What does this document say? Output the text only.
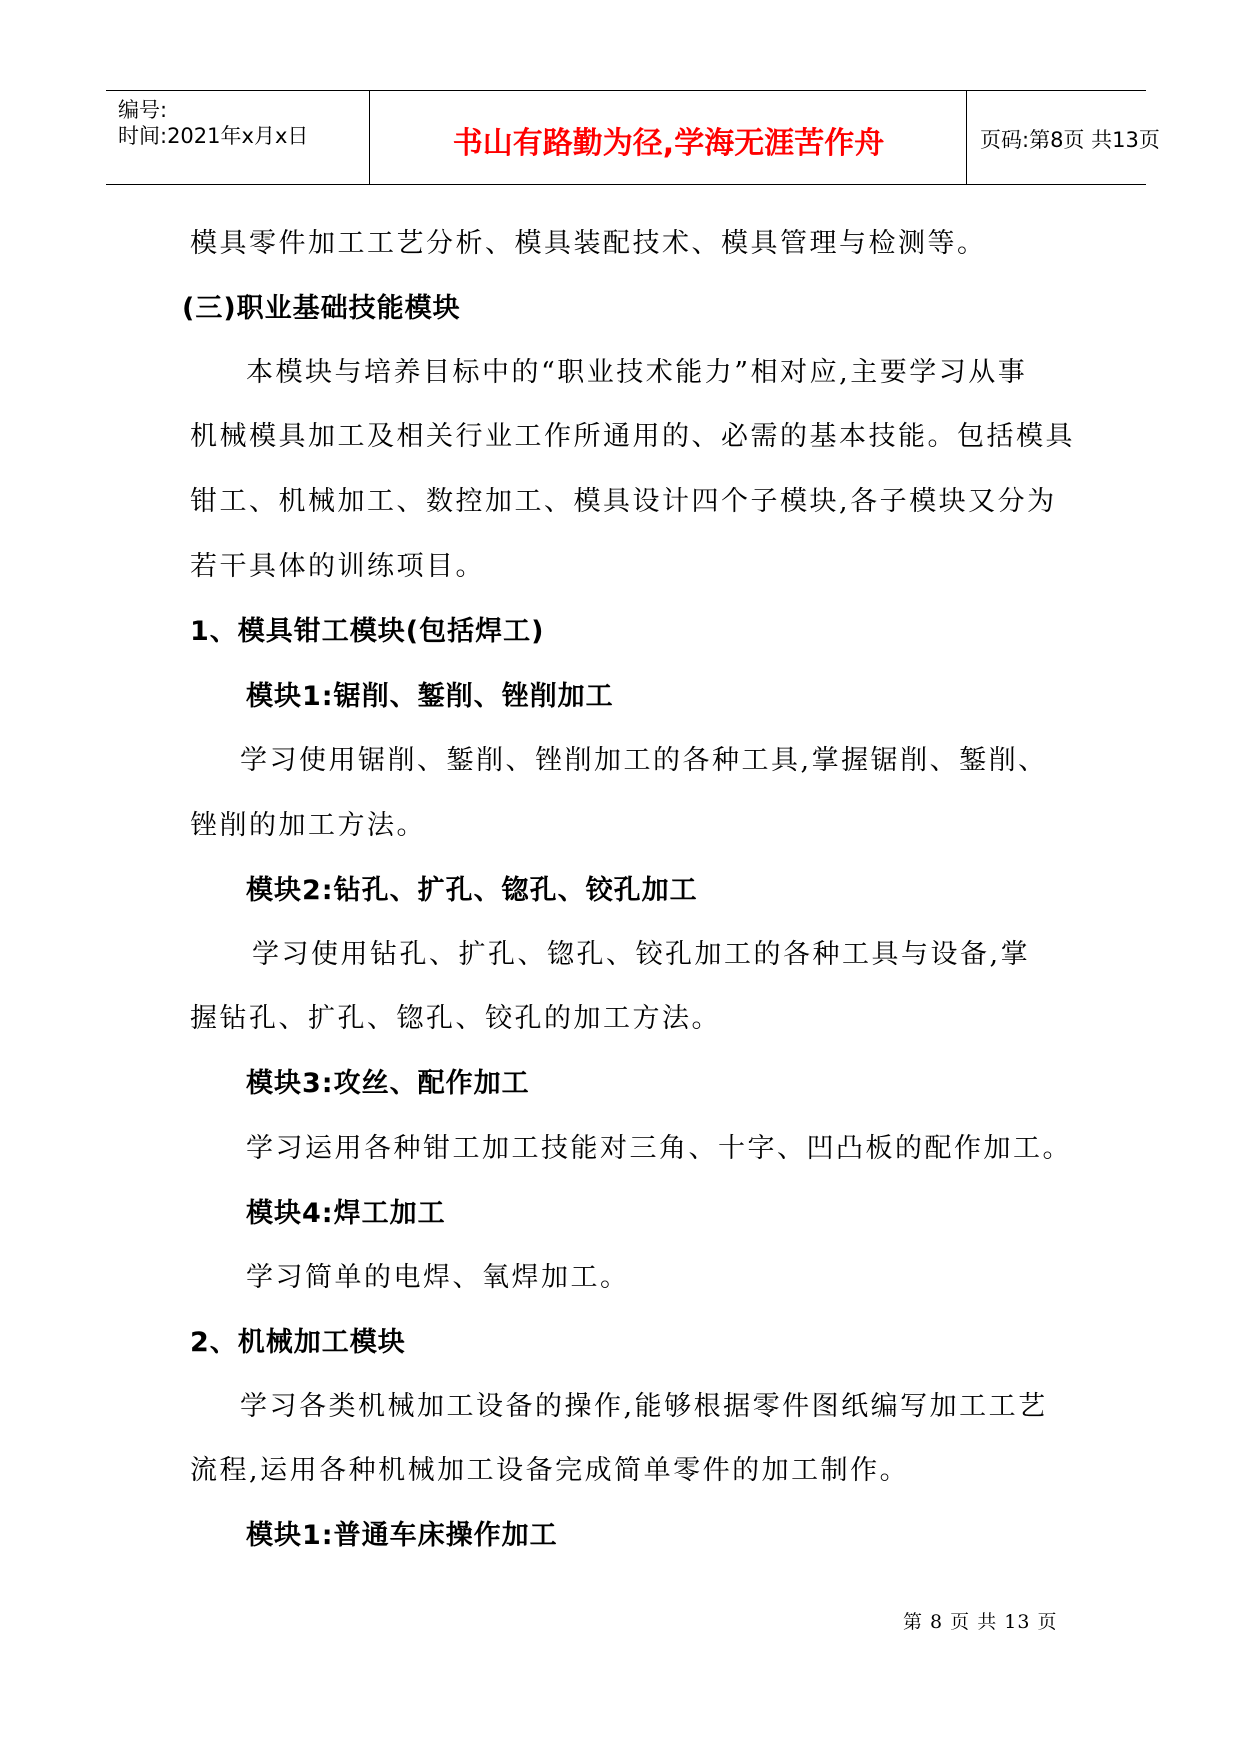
编号:
时间:2021年x月x日	书山有路勤为径,学海无涯苦作舟	页码:第8页 共13页
模具零件加工工艺分析、模具装配技术、模具管理与检测等。
(三)职业基础技能模块
本模块与培养目标中的“职业技术能力”相对应,主要学习从事
机械模具加工及相关行业工作所通用的、必需的基本技能。包括模具
钳工、机械加工、数控加工、模具设计四个子模块,各子模块又分为
若干具体的训练项目。
1、模具钳工模块(包括焊工)
模块1:锯削、錾削、锉削加工
学习使用锯削、錾削、锉削加工的各种工具,掌握锯削、錾削、
锉削的加工方法。
模块2:钻孔、扩孔、锪孔、铰孔加工
学习使用钻孔、扩孔、锪孔、铰孔加工的各种工具与设备,掌
握钻孔、扩孔、锪孔、铰孔的加工方法。
模块3:攻丝、配作加工
学习运用各种钳工加工技能对三角、十字、凹凸板的配作加工。
模块4:焊工加工
学习简单的电焊、氧焊加工。
2、机械加工模块
学习各类机械加工设备的操作,能够根据零件图纸编写加工工艺
流程,运用各种机械加工设备完成简单零件的加工制作。
模块1:普通车床操作加工
第 8 页 共 13 页
